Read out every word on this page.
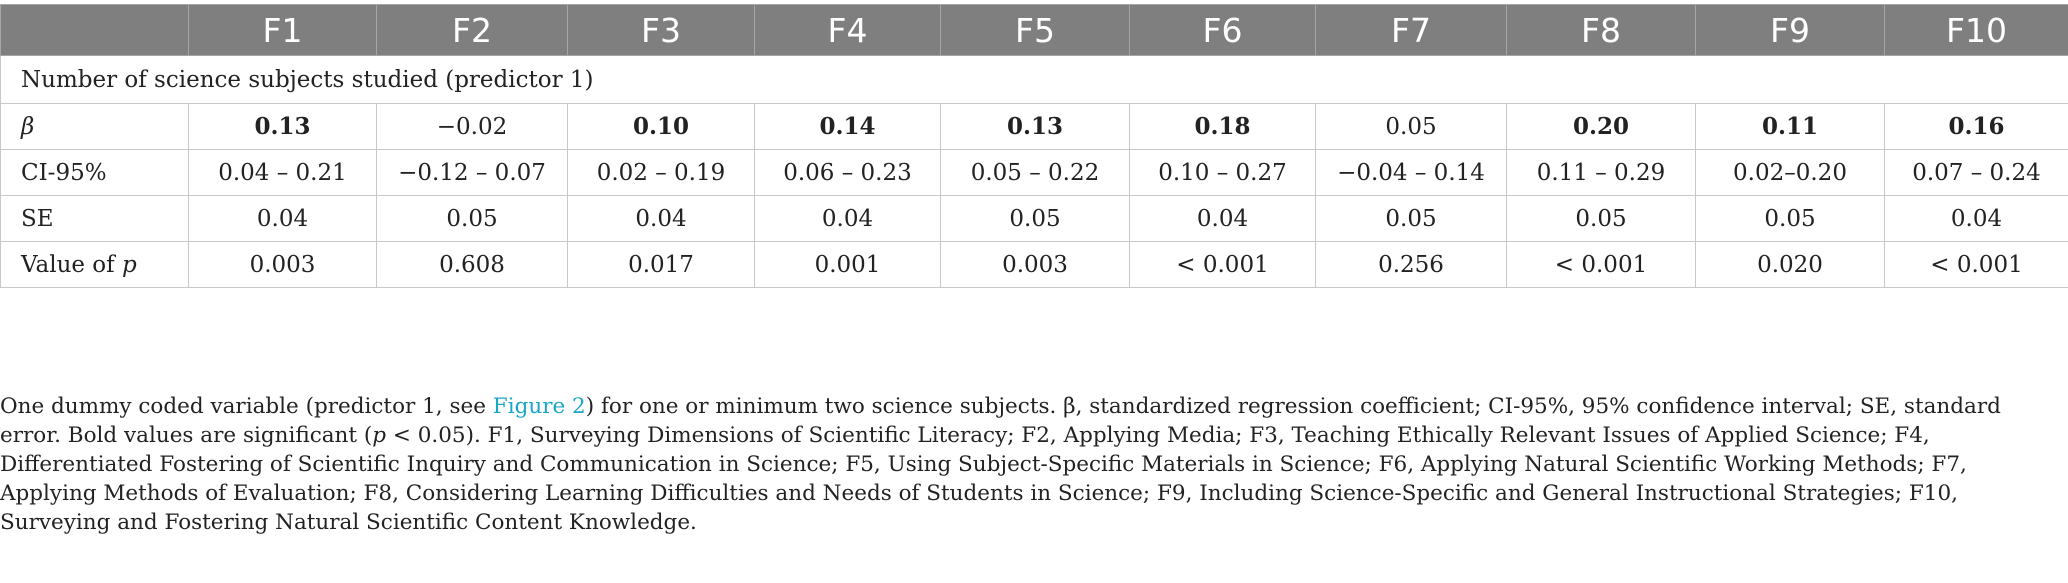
	F1	F2	F3	F4	F5	F6	F7	F8	F9	F10
Number of science subjects studied (predictor 1)										
β	0.13	−0.02	0.10	0.14	0.13	0.18	0.05	0.20	0.11	0.16
CI-95%	0.04 – 0.21	−0.12 – 0.07	0.02 – 0.19	0.06 – 0.23	0.05 – 0.22	0.10 – 0.27	−0.04 – 0.14	0.11 – 0.29	0.02–0.20	0.07 – 0.24
SE	0.04	0.05	0.04	0.04	0.05	0.04	0.05	0.05	0.05	0.04
Value of p	0.003	0.608	0.017	0.001	0.003	< 0.001	0.256	< 0.001	0.020	< 0.001
One dummy coded variable (predictor 1, see Figure 2) for one or minimum two science subjects. β, standardized regression coefficient; CI-95%, 95% confidence interval; SE, standard error. Bold values are significant (p < 0.05). F1, Surveying Dimensions of Scientific Literacy; F2, Applying Media; F3, Teaching Ethically Relevant Issues of Applied Science; F4, Differentiated Fostering of Scientific Inquiry and Communication in Science; F5, Using Subject-Specific Materials in Science; F6, Applying Natural Scientific Working Methods; F7, Applying Methods of Evaluation; F8, Considering Learning Difficulties and Needs of Students in Science; F9, Including Science-Specific and General Instructional Strategies; F10, Surveying and Fostering Natural Scientific Content Knowledge.
